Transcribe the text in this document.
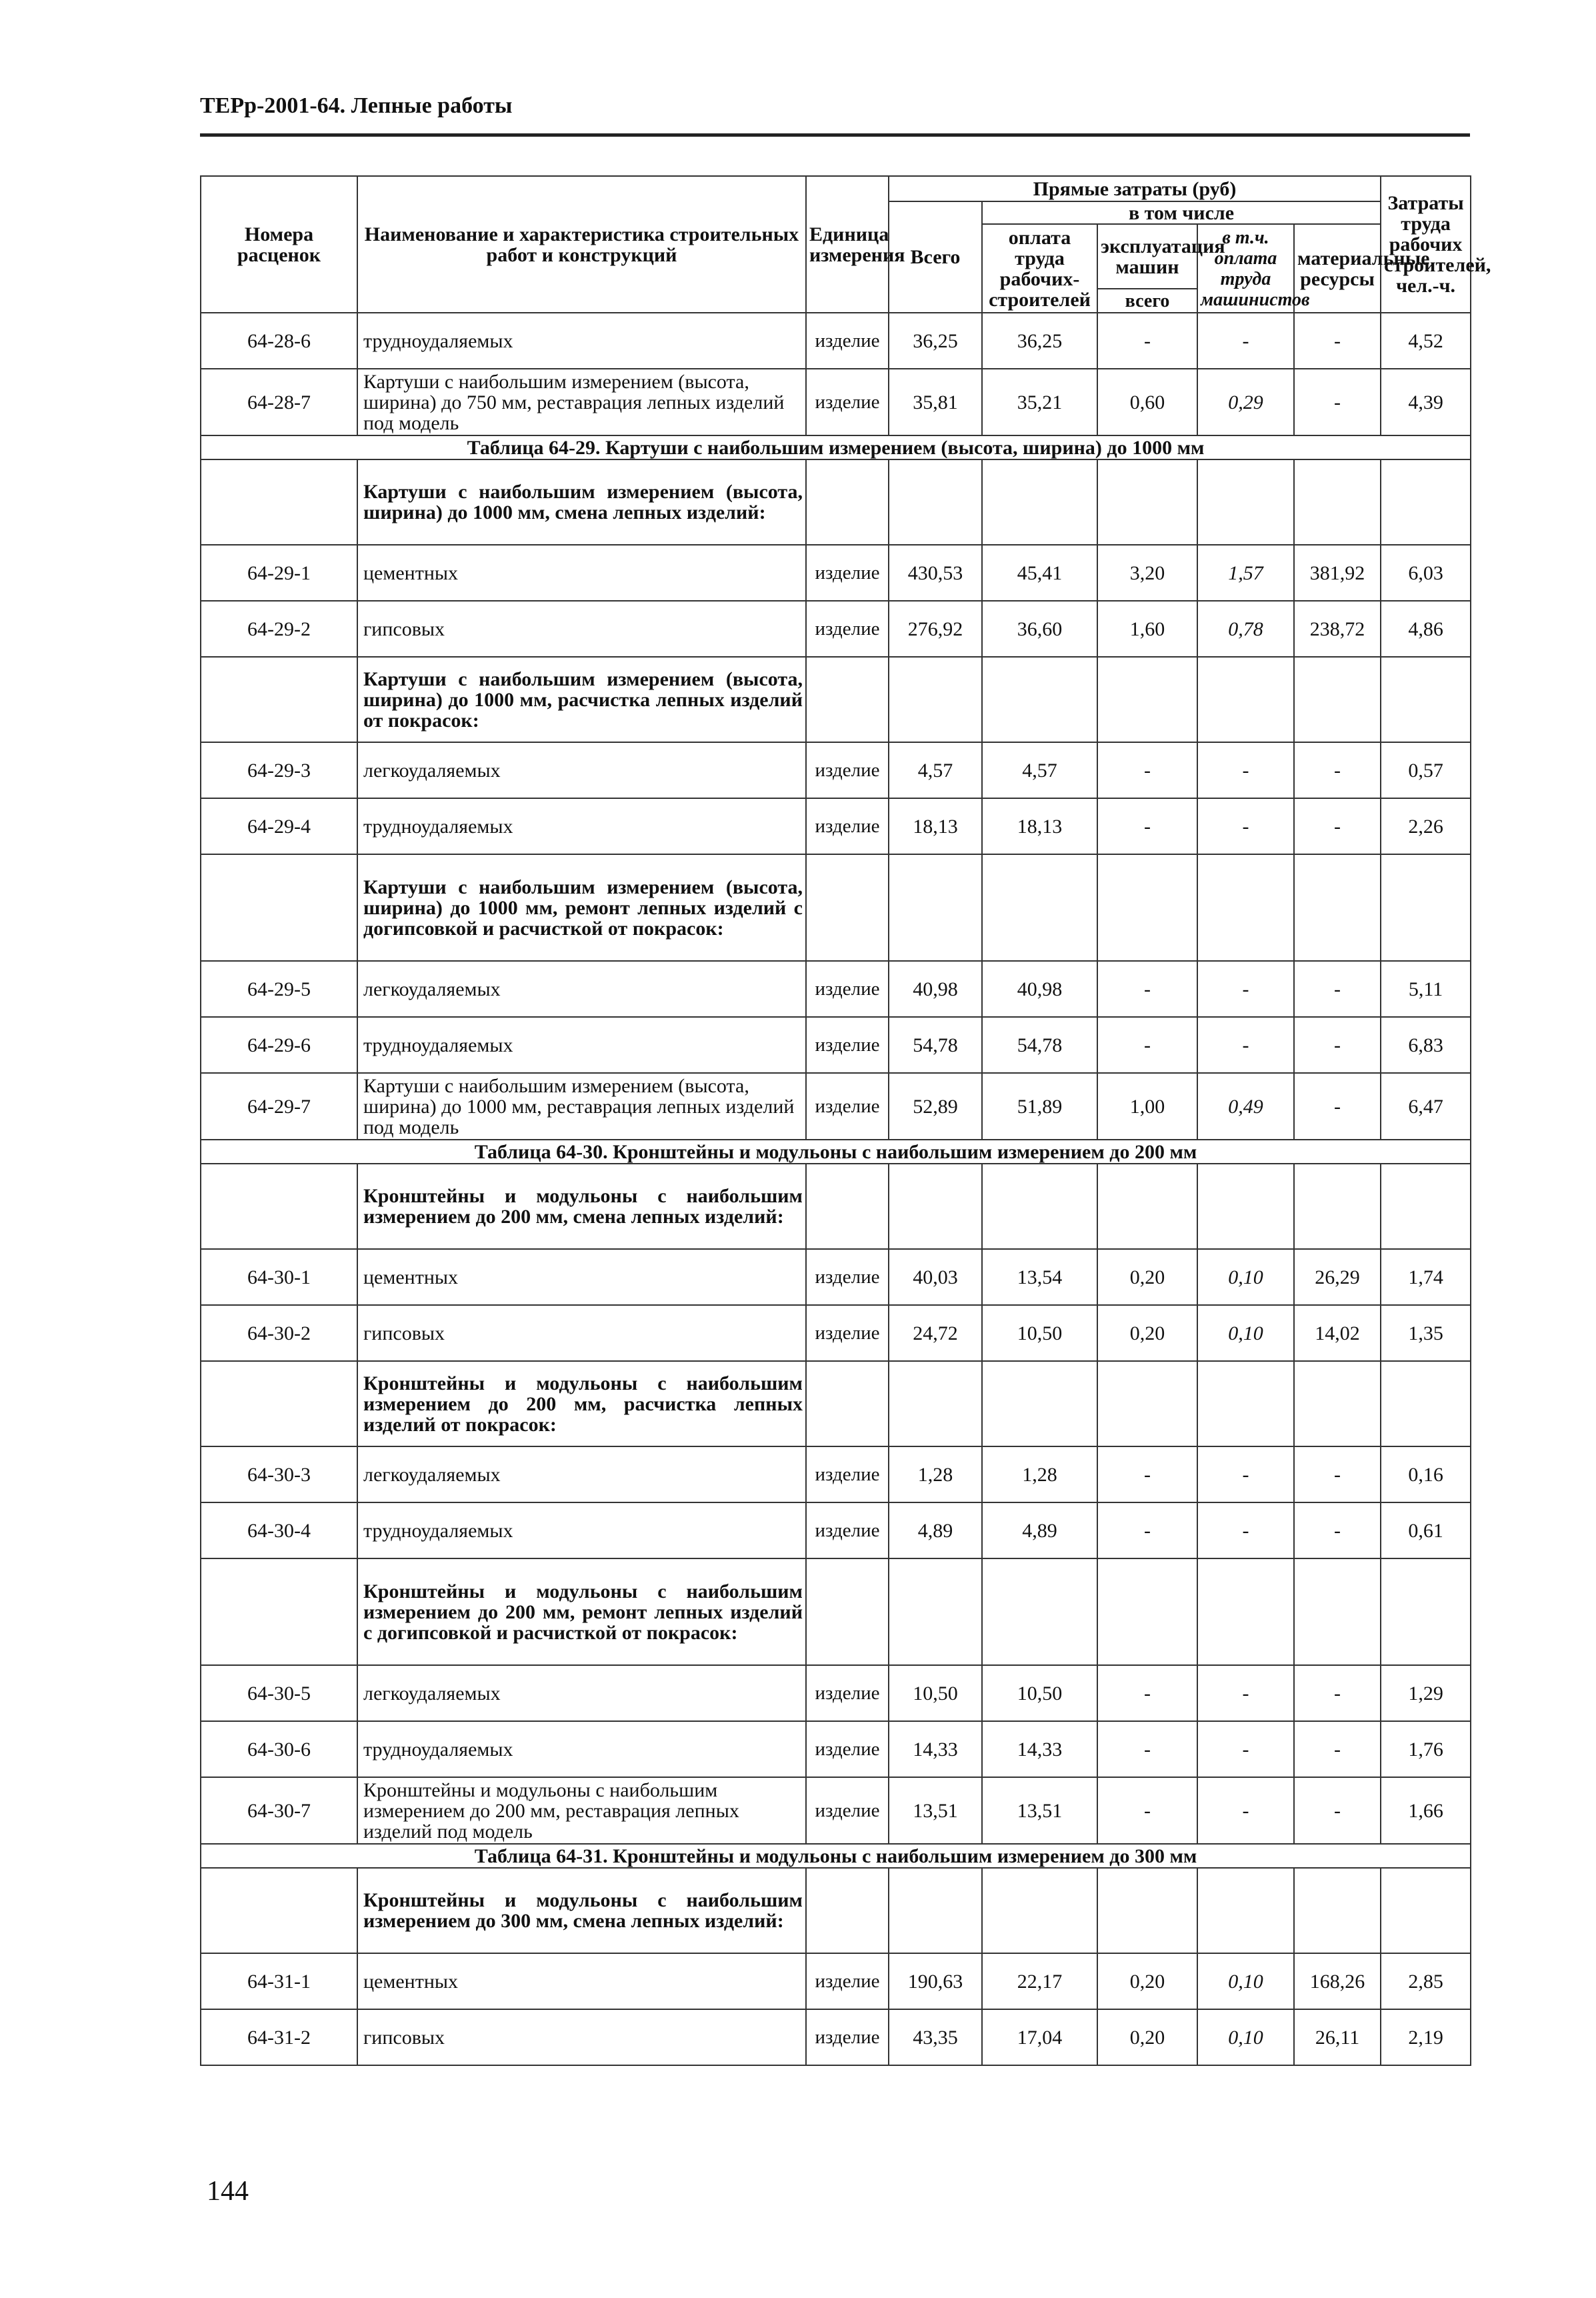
ТЕРр-2001-64. Лепные работы
Номера расценок	Наименование и характеристика строительных работ и конструкций	Единица измерения	Прямые затраты (руб)					Затраты труда рабочих строителей, чел.-ч.
			Всего	в том числе				
				оплата труда рабочих-строителей	эксплуатация машин	в т.ч. оплата труда машинистов	материальные ресурсы	

					всего			
64-28-6	трудноудаляемых	изделие	36,25	36,25	-	-	-	4,52
64-28-7	Картуши с наибольшим измерением (высота, ширина) до 750 мм, реставрация лепных изделий под модель	изделие	35,81	35,21	0,60	0,29	-	4,39
Таблица 64-29. Картуши с наибольшим измерением (высота, ширина) до 1000 мм								
	Картуши с наибольшим измерением (высота, ширина) до 1000 мм, смена лепных изделий:							
64-29-1	цементных	изделие	430,53	45,41	3,20	1,57	381,92	6,03
64-29-2	гипсовых	изделие	276,92	36,60	1,60	0,78	238,72	4,86
	Картуши с наибольшим измерением (высота, ширина) до 1000 мм, расчистка лепных изделий от покрасок:							
64-29-3	легкоудаляемых	изделие	4,57	4,57	-	-	-	0,57
64-29-4	трудноудаляемых	изделие	18,13	18,13	-	-	-	2,26
	Картуши с наибольшим измерением (высота, ширина) до 1000 мм, ремонт лепных изделий с догипсовкой и расчисткой от покрасок:							
64-29-5	легкоудаляемых	изделие	40,98	40,98	-	-	-	5,11
64-29-6	трудноудаляемых	изделие	54,78	54,78	-	-	-	6,83
64-29-7	Картуши с наибольшим измерением (высота, ширина) до 1000 мм, реставрация лепных изделий под модель	изделие	52,89	51,89	1,00	0,49	-	6,47
Таблица 64-30. Кронштейны и модульоны с наибольшим измерением до 200 мм								
	Кронштейны и модульоны с наибольшим измерением до 200 мм, смена лепных изделий:							
64-30-1	цементных	изделие	40,03	13,54	0,20	0,10	26,29	1,74
64-30-2	гипсовых	изделие	24,72	10,50	0,20	0,10	14,02	1,35
	Кронштейны и модульоны с наибольшим измерением до 200 мм, расчистка лепных изделий от покрасок:							
64-30-3	легкоудаляемых	изделие	1,28	1,28	-	-	-	0,16
64-30-4	трудноудаляемых	изделие	4,89	4,89	-	-	-	0,61
	Кронштейны и модульоны с наибольшим измерением до 200 мм, ремонт лепных изделий с догипсовкой и расчисткой от покрасок:							
64-30-5	легкоудаляемых	изделие	10,50	10,50	-	-	-	1,29
64-30-6	трудноудаляемых	изделие	14,33	14,33	-	-	-	1,76
64-30-7	Кронштейны и модульоны с наибольшим измерением до 200 мм, реставрация лепных изделий под модель	изделие	13,51	13,51	-	-	-	1,66
Таблица 64-31. Кронштейны и модульоны с наибольшим измерением до 300 мм								
	Кронштейны и модульоны с наибольшим измерением до 300 мм, смена лепных изделий:							
64-31-1	цементных	изделие	190,63	22,17	0,20	0,10	168,26	2,85
64-31-2	гипсовых	изделие	43,35	17,04	0,20	0,10	26,11	2,19
144
